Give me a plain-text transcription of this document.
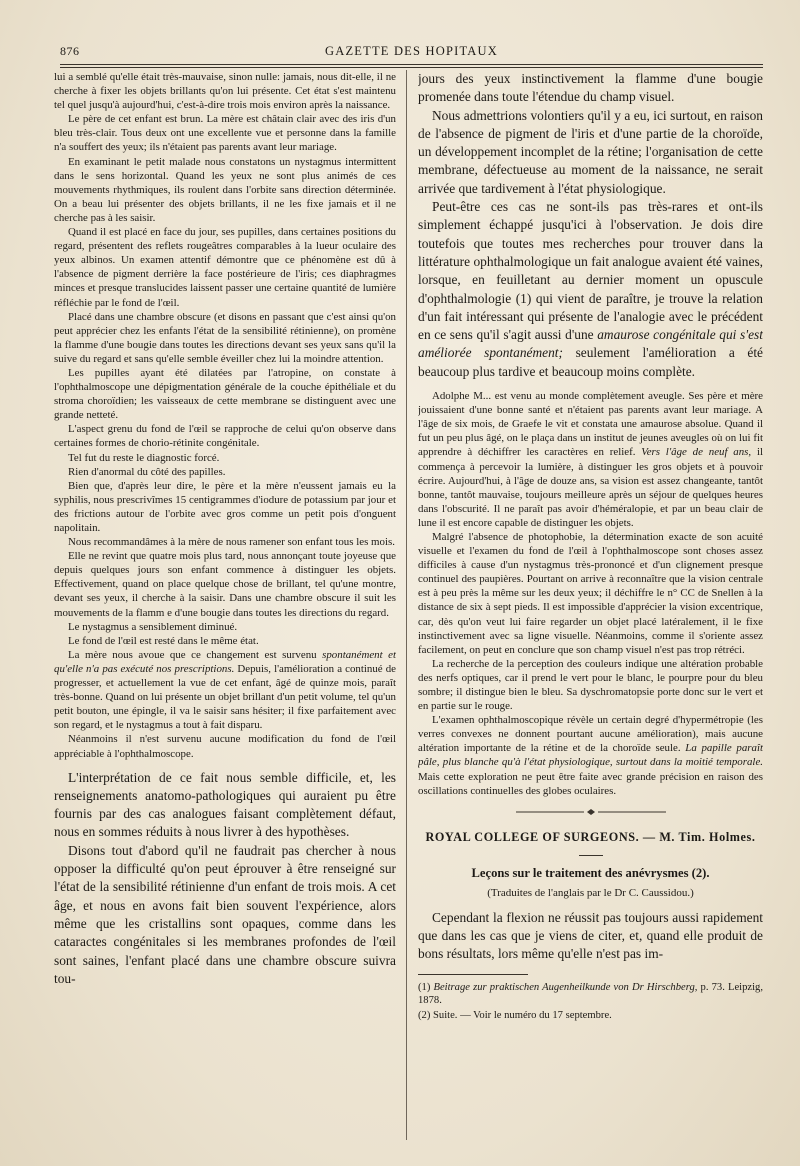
876	GAZETTE DES HOPITAUX

lui a semblé qu'elle était très-mauvaise, sinon nulle: jamais, nous dit-elle, il ne cherche à fixer les objets brillants qu'on lui présente. Cet état s'est maintenu tel quel jusqu'à aujourd'hui, c'est-à-dire trois mois environ après la naissance.

Le père de cet enfant est brun. La mère est châtain clair avec des iris d'un bleu très-clair. Tous deux ont une excellente vue et personne dans la famille n'a souffert des yeux; ils n'étaient pas parents avant leur mariage.

En examinant le petit malade nous constatons un nystagmus intermittent dans le sens horizontal. Quand les yeux ne sont plus animés de ces mouvements rhythmiques, ils roulent dans l'orbite sans direction déterminée. On a beau lui présenter des objets brillants, il ne les fixe jamais et il ne cherche pas à les saisir.

Quand il est placé en face du jour, ses pupilles, dans certaines positions du regard, présentent des reflets rougeâtres comparables à la lueur oculaire des yeux albinos. Un examen attentif démontre que ce phénomène est dû à l'absence de pigment derrière la face postérieure de l'iris; ces diaphragmes minces et presque translucides laissent passer une certaine quantité de lumière réfléchie par le fond de l'œil.

Placé dans une chambre obscure (et disons en passant que c'est ainsi qu'on peut apprécier chez les enfants l'état de la sensibilité rétinienne), on promène la flamme d'une bougie dans toutes les directions devant ses yeux sans qu'il la suive du regard et sans qu'elle semble éveiller chez lui la moindre attention.

Les pupilles ayant été dilatées par l'atropine, on constate à l'ophthalmoscope une dépigmentation générale de la couche épithéliale et du stroma choroïdien; les vaisseaux de cette membrane se distinguent avec une grande netteté.

L'aspect grenu du fond de l'œil se rapproche de celui qu'on observe dans certaines formes de chorio-rétinite congénitale.

Tel fut du reste le diagnostic forcé.

Rien d'anormal du côté des papilles.

Bien que, d'après leur dire, le père et la mère n'eussent jamais eu la syphilis, nous prescrivîmes 15 centigrammes d'iodure de potassium par jour et des frictions autour de l'orbite avec gros comme un petit pois d'onguent napolitain.

Nous recommandâmes à la mère de nous ramener son enfant tous les mois.

Elle ne revint que quatre mois plus tard, nous annonçant toute joyeuse que depuis quelques jours son enfant commence à distinguer les objets. Effectivement, quand on place quelque chose de brillant, tel qu'une montre, devant ses yeux, il cherche à la saisir. Dans une chambre obscure il suit les mouvements de la flamm e d'une bougie dans toutes les directions du regard.

Le nystagmus a sensiblement diminué.

Le fond de l'œil est resté dans le même état.

La mère nous avoue que ce changement est survenu spontanément et qu'elle n'a pas exécuté nos prescriptions. Depuis, l'amélioration a continué de progresser, et actuellement la vue de cet enfant, âgé de quinze mois, paraît très-bonne. Quand on lui présente un objet brillant d'un petit volume, tel qu'un petit bouton, une épingle, il va le saisir sans hésiter; il fixe parfaitement avec son regard, et le nystagmus a tout à fait disparu.

Néanmoins il n'est survenu aucune modification du fond de l'œil appréciable à l'ophthalmoscope.

L'interprétation de ce fait nous semble difficile, et, les renseignements anatomo-pathologiques qui auraient pu être fournis par des cas analogues faisant complètement défaut, nous en sommes réduits à nous livrer à des hypothèses.

Disons tout d'abord qu'il ne faudrait pas chercher à nous opposer la difficulté qu'on peut éprouver à être renseigné sur l'état de la sensibilité rétinienne d'un enfant de trois mois. A cet âge, et nous en avons fait bien souvent l'expérience, alors même que les cristallins sont opaques, comme dans les cataractes congénitales si les membranes profondes de l'œil sont saines, l'enfant placé dans une chambre obscure suivra tou-

jours des yeux instinctivement la flamme d'une bougie promenée dans toute l'étendue du champ visuel.

Nous admettrions volontiers qu'il y a eu, ici surtout, en raison de l'absence de pigment de l'iris et d'une partie de la choroïde, un développement incomplet de la rétine; l'organisation de cette membrane, défectueuse au moment de la naissance, ne serait arrivée que tardivement à l'état physiologique.

Peut-être ces cas ne sont-ils pas très-rares et ont-ils simplement échappé jusqu'ici à l'observation. Je dois dire toutefois que toutes mes recherches pour trouver dans la littérature ophthalmologique un fait analogue avaient été vaines, lorsque, en feuilletant au dernier moment un opuscule d'ophthalmologie (1) qui vient de paraître, je trouve la relation d'un fait intéressant qui présente de l'analogie avec le précédent en ce sens qu'il s'agit aussi d'une amaurose congénitale qui s'est améliorée spontanément; seulement l'amélioration a été beaucoup plus tardive et beaucoup moins complète.

Adolphe M... est venu au monde complètement aveugle. Ses père et mère jouissaient d'une bonne santé et n'étaient pas parents avant leur mariage. A l'âge de six mois, de Graefe le vit et constata une amaurose absolue. Quand il fut un peu plus âgé, on le plaça dans un institut de jeunes aveugles où on lui fit apprendre à déchiffrer les caractères en relief. Vers l'âge de neuf ans, il commença à percevoir la lumière, à distinguer les gros objets et à pouvoir écrire. Aujourd'hui, à l'âge de douze ans, sa vision est assez changeante, tantôt bonne, tantôt mauvaise, toujours meilleure après un séjour de quelques heures dans l'obscurité. Il ne paraît pas avoir d'héméralopie, et par un beau clair de lune il est encore capable de distinguer les objets.

Malgré l'absence de photophobie, la détermination exacte de son acuité visuelle et l'examen du fond de l'œil à l'ophthalmoscope sont choses assez difficiles à cause d'un nystagmus très-prononcé et d'un clignement presque continuel des paupières. Pourtant on arrive à reconnaître que la vision centrale est à peu près la même sur les deux yeux; il déchiffre le n° CC de Snellen à la distance de six à sept pieds. Il est impossible d'apprécier la vision excentrique, car, dès qu'on veut lui faire regarder un objet placé latéralement, il le fixe instinctivement avec sa ligne visuelle. Néanmoins, comme il s'oriente assez facilement, on peut en conclure que son champ visuel n'est pas trop rétréci.

La recherche de la perception des couleurs indique une altération probable des nerfs optiques, car il prend le vert pour le blanc, le pourpre pour du bleu sombre; il distingue bien le bleu. Sa dyschromatopsie porte donc sur le vert et en partie sur le rouge.

L'examen ophthalmoscopique révèle un certain degré d'hypermétropie (les verres convexes ne donnent pourtant aucune amélioration), mais aucune altération importante de la rétine et de la choroïde seule. La papille paraît pâle, plus blanche qu'à l'état physiologique, surtout dans la moitié temporale. Mais cette exploration ne peut être faite avec grande précision en raison des oscillations continuelles des globes oculaires.

ROYAL COLLEGE OF SURGEONS. — M. Tim. Holmes.
Leçons sur le traitement des anévrysmes (2).
(Traduites de l'anglais par le Dr C. Caussidou.)

Cependant la flexion ne réussit pas toujours aussi rapidement que dans les cas que je viens de citer, et, quand elle produit de bons résultats, lors même qu'elle n'est pas im-

(1) Beitrage zur praktischen Augenheilkunde von Dr Hirschberg, p. 73. Leipzig, 1878.

(2) Suite. — Voir le numéro du 17 septembre.
